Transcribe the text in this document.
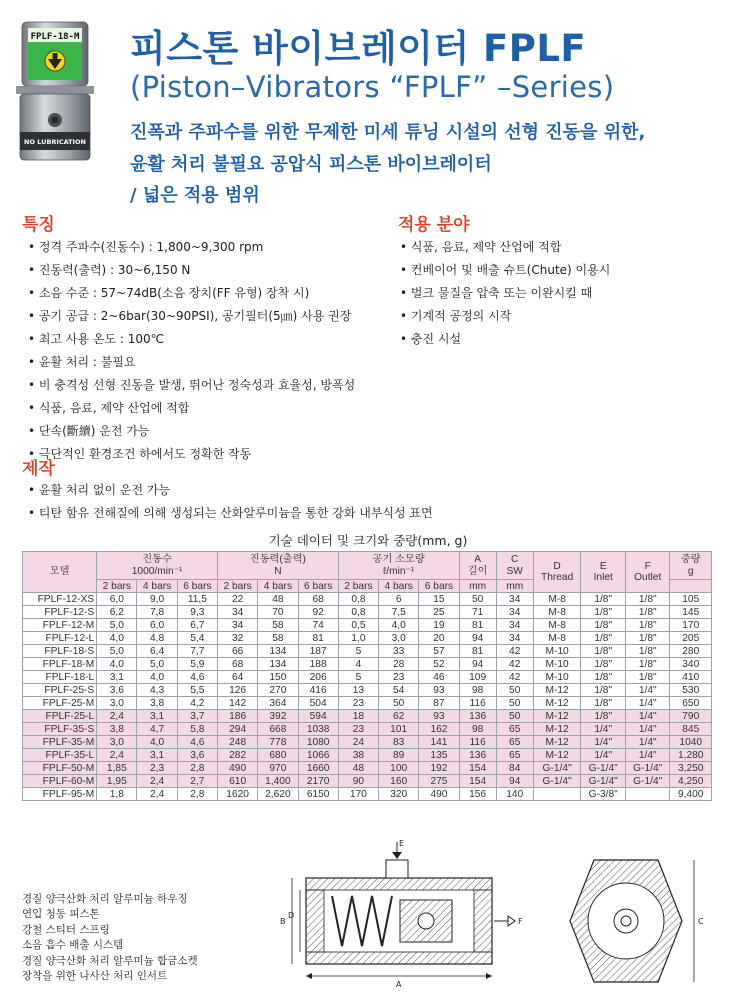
FPLF-18-M
NO LUBRICATION
피스톤 바이브레이터 FPLF
(Piston–Vibrators “FPLF” –Series)
진폭과 주파수를 위한 무제한 미세 튜닝 시설의 선형 진동을 위한,
윤활 처리 불필요 공압식 피스톤 바이브레이터
/ 넓은 적용 범위
특징
• 정격 주파수(진동수) : 1,800~9,300 rpm
• 진동력(출력) : 30~6,150 N
• 소음 수준 : 57~74dB(소음 장치(FF 유형) 장착 시)
• 공기 공급 : 2~6bar(30~90PSI), 공기필터(5㎛) 사용 권장
• 최고 사용 온도 : 100℃
• 윤활 처리 : 불필요
• 비 충격성 선형 진동을 발생, 뛰어난 정숙성과 효율성, 방폭성
• 식품, 음료, 제약 산업에 적합
• 단속(斷續) 운전 가능
• 극단적인 환경조건 하에서도 정확한 작동
적용 분야
• 식품, 음료, 제약 산업에 적합
• 컨베이어 및 배출 슈트(Chute) 이용시
• 벌크 물질을 압축 또는 이완시킬 때
• 기계적 공정의 시작
• 충진 시설
제작
• 윤활 처리 없이 운전 가능
• 티탄 함유 전해질에 의해 생성되는 산화알루미늄을 통한 강화 내부식성 표면
기술 데이터 및 크기와 중량(mm, g)
모델	진동수
1000/min⁻¹			진동력(출력)
N			공기 소모량
ℓ/min⁻¹			A
길이	C
SW	D
Thread	E
Inlet	F
Outlet	중량
g
	2 bars	4 bars	6 bars	2 bars	4 bars	6 bars	2 bars	4 bars	6 bars	mm	mm				
FPLF-12-XS	6,0	9,0	11,5	22	48	68	0,8	6	15	50	34	M-8	1/8"	1/8"	105
FPLF-12-S	6,2	7,8	9,3	34	70	92	0,8	7,5	25	71	34	M-8	1/8"	1/8"	145
FPLF-12-M	5,0	6,0	6,7	34	58	74	0,5	4,0	19	81	34	M-8	1/8"	1/8"	170
FPLF-12-L	4,0	4,8	5,4	32	58	81	1,0	3,0	20	94	34	M-8	1/8"	1/8"	205
FPLF-18-S	5,0	6,4	7,7	66	134	187	5	33	57	81	42	M-10	1/8"	1/8"	280
FPLF-18-M	4,0	5,0	5,9	68	134	188	4	28	52	94	42	M-10	1/8"	1/8"	340
FPLF-18-L	3,1	4,0	4,6	64	150	206	5	23	46	109	42	M-10	1/8"	1/8"	410
FPLF-25-S	3,6	4,3	5,5	126	270	416	13	54	93	98	50	M-12	1/8"	1/4"	530
FPLF-25-M	3,0	3,8	4,2	142	364	504	23	50	87	116	50	M-12	1/8"	1/4"	650
FPLF-25-L	2,4	3,1	3,7	186	392	594	18	62	93	136	50	M-12	1/8"	1/4"	790
FPLF-35-S	3,8	4,7	5,8	294	668	1038	23	101	162	98	65	M-12	1/4"	1/4"	845
FPLF-35-M	3,0	4,0	4,6	248	778	1080	24	83	141	116	65	M-12	1/4"	1/4"	1040
FPLF-35-L	2,4	3,1	3,6	282	680	1066	38	89	135	136	65	M-12	1/4"	1/4"	1,280
FPLF-50-M	1,85	2,3	2,8	490	970	1660	48	100	192	154	84	G-1/4"	G-1/4"	G-1/4"	3,250
FPLF-60-M	1,95	2,4	2,7	610	1,400	2170	90	160	275	154	94	G-1/4"	G-1/4"	G-1/4"	4,250
FPLF-95-M	1,8	2,4	2,8	1620	2,620	6150	170	320	490	156	140		G-3/8"		9,400
경질 양극산화 처리 알루미늄 하우징
연입 청동 피스톤
강철 스티터 스프링
소음 흡수 배출 시스템
경질 양극산화 처리 알루미늄 합금소켓
장착을 위한 나사산 처리 인서트
E
F
B
D
A
C
